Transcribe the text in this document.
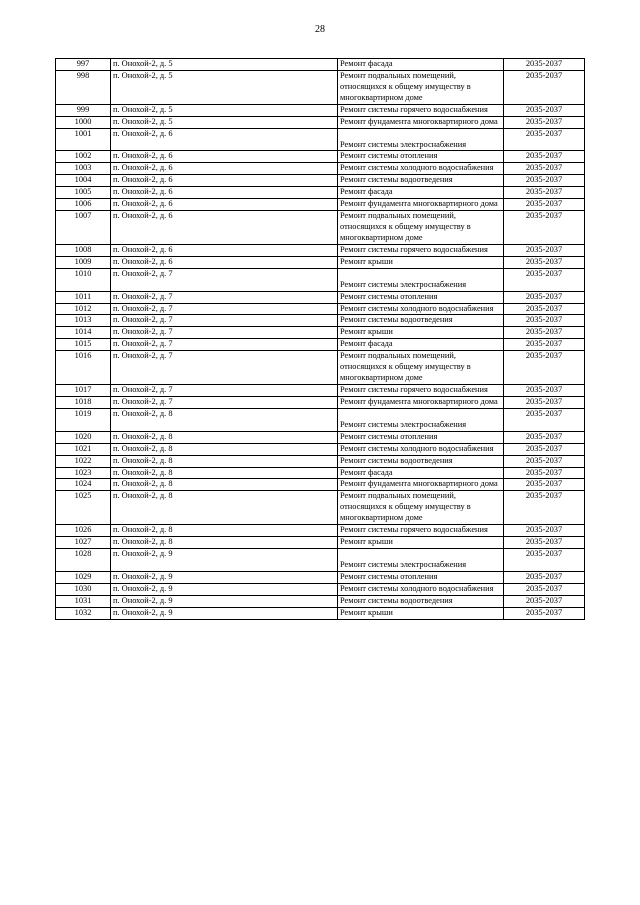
28
997	п. Онохой-2, д. 5	Ремонт фасада	2035-2037
998	п. Онохой-2, д. 5	Ремонт подвальных помещений, относящихся к общему имуществу в многоквартирном доме	2035-2037
999	п. Онохой-2, д. 5	Ремонт системы горячего водоснабжения	2035-2037
1000	п. Онохой-2, д. 5	Ремонт фундамента многоквартирного дома	2035-2037
1001	п. Онохой-2, д. 6	Ремонт системы электроснабжения	2035-2037
1002	п. Онохой-2, д. 6	Ремонт системы отопления	2035-2037
1003	п. Онохой-2, д. 6	Ремонт системы холодного водоснабжения	2035-2037
1004	п. Онохой-2, д. 6	Ремонт системы водоотведения	2035-2037
1005	п. Онохой-2, д. 6	Ремонт фасада	2035-2037
1006	п. Онохой-2, д. 6	Ремонт фундамента многоквартирного дома	2035-2037
1007	п. Онохой-2, д. 6	Ремонт подвальных помещений, относящихся к общему имуществу в многоквартирном доме	2035-2037
1008	п. Онохой-2, д. 6	Ремонт системы горячего водоснабжения	2035-2037
1009	п. Онохой-2, д. 6	Ремонт крыши	2035-2037
1010	п. Онохой-2, д. 7	Ремонт системы электроснабжения	2035-2037
1011	п. Онохой-2, д. 7	Ремонт системы отопления	2035-2037
1012	п. Онохой-2, д. 7	Ремонт системы холодного водоснабжения	2035-2037
1013	п. Онохой-2, д. 7	Ремонт системы водоотведения	2035-2037
1014	п. Онохой-2, д. 7	Ремонт крыши	2035-2037
1015	п. Онохой-2, д. 7	Ремонт фасада	2035-2037
1016	п. Онохой-2, д. 7	Ремонт подвальных помещений, относящихся к общему имуществу в многоквартирном доме	2035-2037
1017	п. Онохой-2, д. 7	Ремонт системы горячего водоснабжения	2035-2037
1018	п. Онохой-2, д. 7	Ремонт фундамента многоквартирного дома	2035-2037
1019	п. Онохой-2, д. 8	Ремонт системы электроснабжения	2035-2037
1020	п. Онохой-2, д. 8	Ремонт системы отопления	2035-2037
1021	п. Онохой-2, д. 8	Ремонт системы холодного водоснабжения	2035-2037
1022	п. Онохой-2, д. 8	Ремонт системы водоотведения	2035-2037
1023	п. Онохой-2, д. 8	Ремонт фасада	2035-2037
1024	п. Онохой-2, д. 8	Ремонт фундамента многоквартирного дома	2035-2037
1025	п. Онохой-2, д. 8	Ремонт подвальных помещений, относящихся к общему имуществу в многоквартирном доме	2035-2037
1026	п. Онохой-2, д. 8	Ремонт системы горячего водоснабжения	2035-2037
1027	п. Онохой-2, д. 8	Ремонт крыши	2035-2037
1028	п. Онохой-2, д. 9	Ремонт системы электроснабжения	2035-2037
1029	п. Онохой-2, д. 9	Ремонт системы отопления	2035-2037
1030	п. Онохой-2, д. 9	Ремонт системы холодного водоснабжения	2035-2037
1031	п. Онохой-2, д. 9	Ремонт системы водоотведения	2035-2037
1032	п. Онохой-2, д. 9	Ремонт крыши	2035-2037
